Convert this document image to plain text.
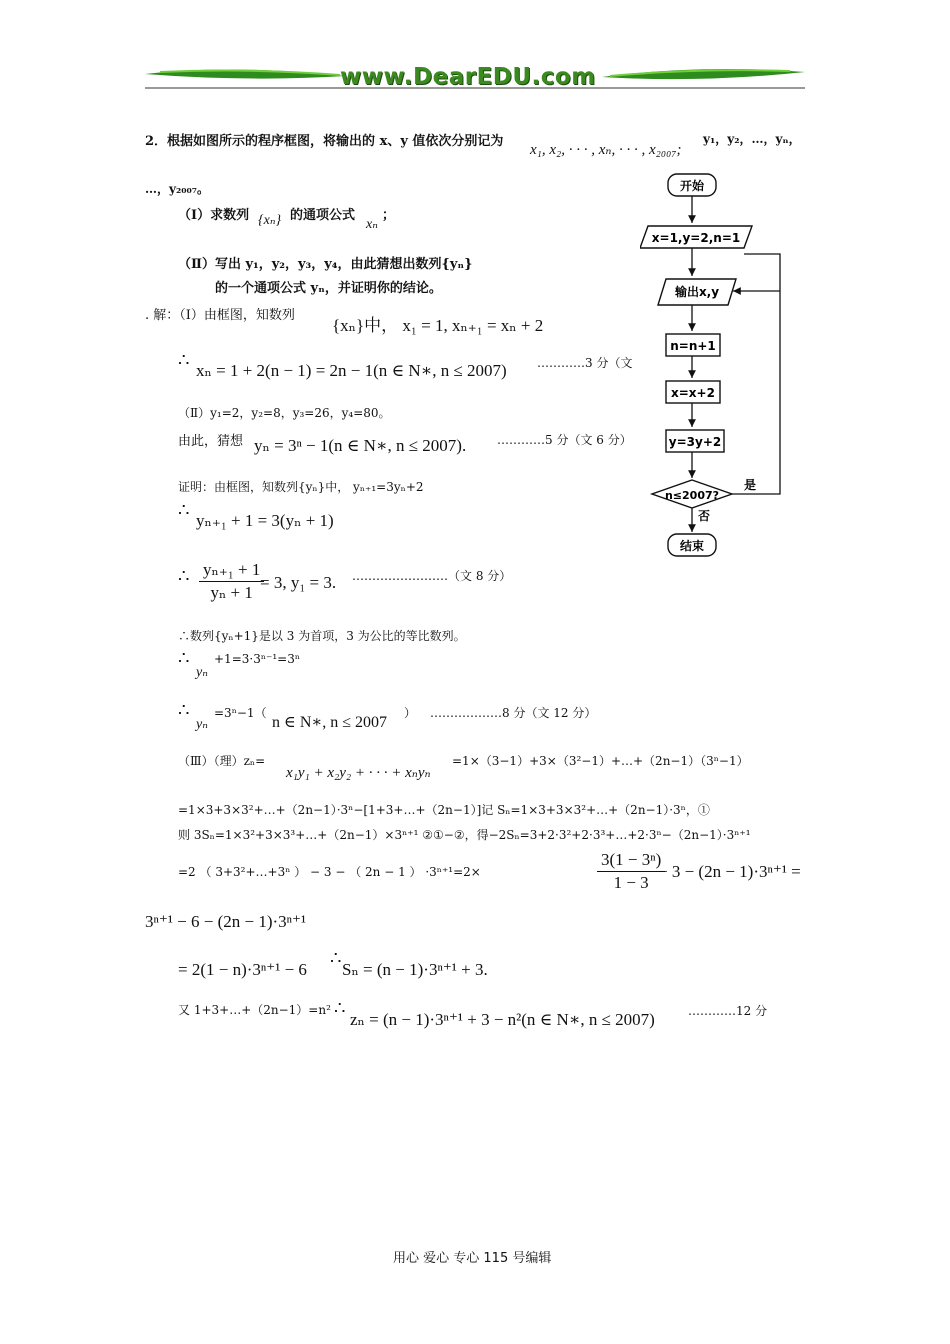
www.DearEDU.com
2．根据如图所示的程序框图，将输出的 x、y 值依次分别记为
x₁, x₂, · · · , xₙ, · · · , x₂₀₀₇;
y₁，y₂，…，yₙ，
…，y₂₀₀₇。
（Ⅰ）求数列 {xₙ} 的通项公式
xₙ
；
（Ⅱ）写出 y₁，y₂，y₃，y₄，由此猜想出数列{yₙ}
的一个通项公式 yₙ，并证明你的结论。
. 解：（Ⅰ）由框图，知数列
{xₙ}中， x₁ = 1, xₙ₊₁ = xₙ + 2
∴
xₙ = 1 + 2(n − 1) = 2n − 1(n ∈ N∗, n ≤ 2007)	…………3 分（文
（Ⅱ）y₁=2，y₂=8，y₃=26，y₄=80。
由此，猜想 yₙ = 3ⁿ − 1(n ∈ N∗, n ≤ 2007).	…………5 分（文 6 分）
证明：由框图，知数列{yₙ}中， yₙ₊₁=3yₙ+2
∴
yₙ₊₁ + 1 = 3(yₙ + 1)
∴ $\frac{\text{yₙ₊₁ + 1}}{\text{yₙ + 1}}$
= 3, y₁ = 3. ……………………（文 8 分）
∴数列{yₙ+1}是以 3 为首项，3 为公比的等比数列。
∴
yₙ
+1=3·3ⁿ⁻¹=3ⁿ
∴
yₙ
=3ⁿ−1（
n ∈ N∗, n ≤ 2007
） ………………8 分（文 12 分）
（Ⅲ）（理）zₙ=
x₁y₁ + x₂y₂ + · · · + xₙyₙ
=1×（3−1）+3×（3²−1）+…+（2n−1）（3ⁿ−1）
=1×3+3×3²+…+（2n−1）·3ⁿ−[1+3+…+（2n−1）]记 Sₙ=1×3+3×3²+…+（2n−1）·3ⁿ，①
则 3Sₙ=1×3²+3×3³+…+（2n−1）×3ⁿ⁺¹ ②①−②，得−2Sₙ=3+2·3²+2·3³+…+2·3ⁿ−（2n−1）·3ⁿ⁺¹
=2 （ 3+3²+…+3ⁿ ） − 3 − （ 2n − 1 ） ·3ⁿ⁺¹=2×	$\frac{\text{3(1 − 3ⁿ)}}{1 - 3}$
− 3 − (2n − 1)·3ⁿ⁺¹ =
3ⁿ⁺¹ − 6 − (2n − 1)·3ⁿ⁺¹
= 2(1 − n)·3ⁿ⁺¹ − 6
∴
Sₙ = (n − 1)·3ⁿ⁺¹ + 3.
又 1+3+…+（2n−1）=n² ∴
zₙ = (n − 1)·3ⁿ⁺¹ + 3 − n²(n ∈ N∗, n ≤ 2007)	…………12 分
开始
x=1,y=2,n=1
输出x,y
n=n+1
x=x+2
y=3y+2
n≤2007?
是
否
结束
用心 爱心 专心 115 号编辑
